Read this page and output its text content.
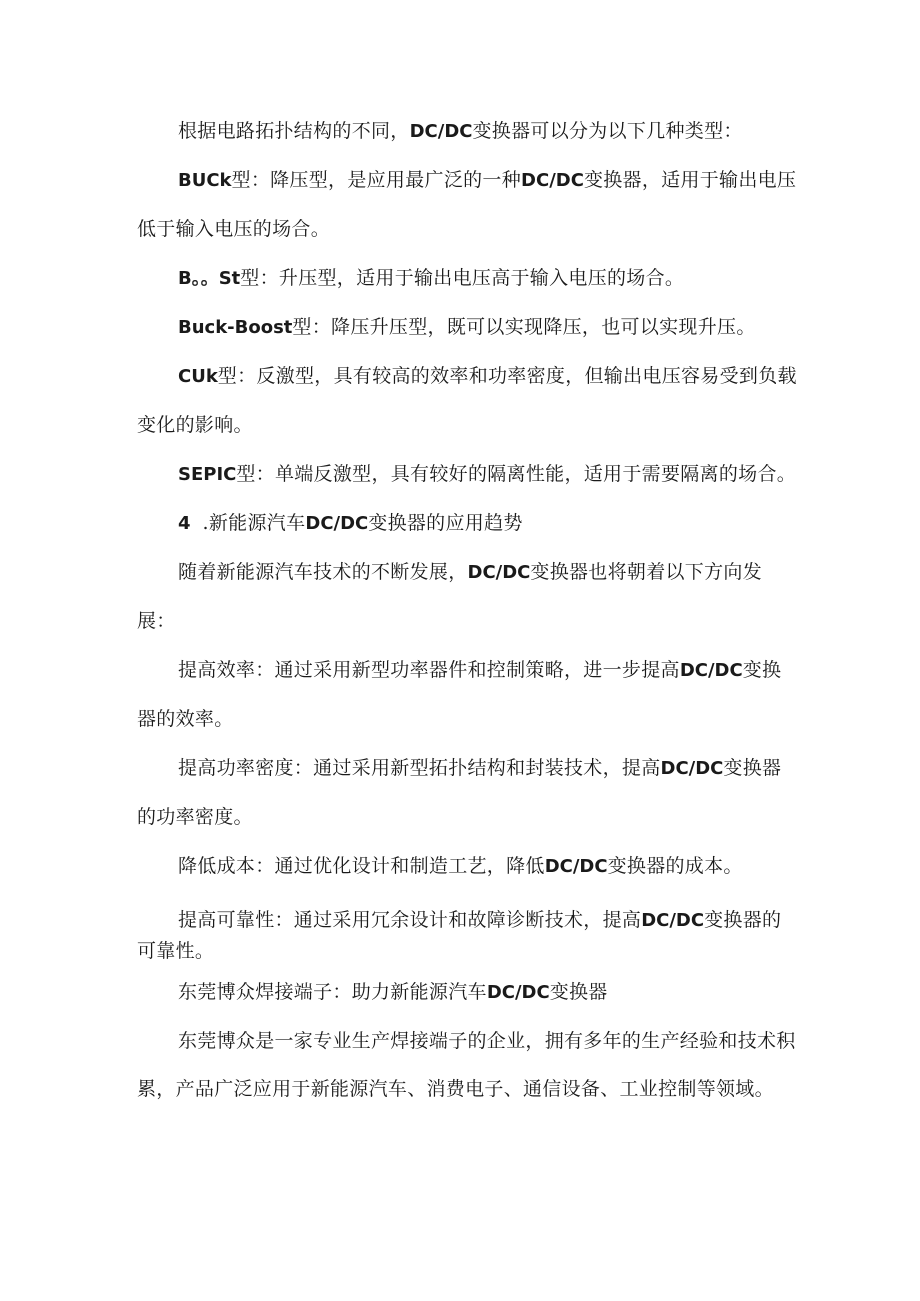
根据电路拓扑结构的不同，DC/DC变换器可以分为以下几种类型：

BUCk型：降压型，是应用最广泛的一种DC/DC变换器，适用于输出电压低于输入电压的场合。

B。。St型：升压型，适用于输出电压高于输入电压的场合。

Buck-Boost型：降压升压型，既可以实现降压，也可以实现升压。

CUk型：反激型，具有较高的效率和功率密度，但输出电压容易受到负载变化的影响。

SEPIC型：单端反激型，具有较好的隔离性能，适用于需要隔离的场合。

4 .新能源汽车DC/DC变换器的应用趋势

随着新能源汽车技术的不断发展，DC/DC变换器也将朝着以下方向发展：

提高效率：通过采用新型功率器件和控制策略，进一步提高DC/DC变换器的效率。

提高功率密度：通过采用新型拓扑结构和封装技术，提高DC/DC变换器的功率密度。

降低成本：通过优化设计和制造工艺，降低DC/DC变换器的成本。

提高可靠性：通过采用冗余设计和故障诊断技术，提高DC/DC变换器的可靠性。

东莞博众焊接端子：助力新能源汽车DC/DC变换器

东莞博众是一家专业生产焊接端子的企业，拥有多年的生产经验和技术积累，产品广泛应用于新能源汽车、消费电子、通信设备、工业控制等领域。
